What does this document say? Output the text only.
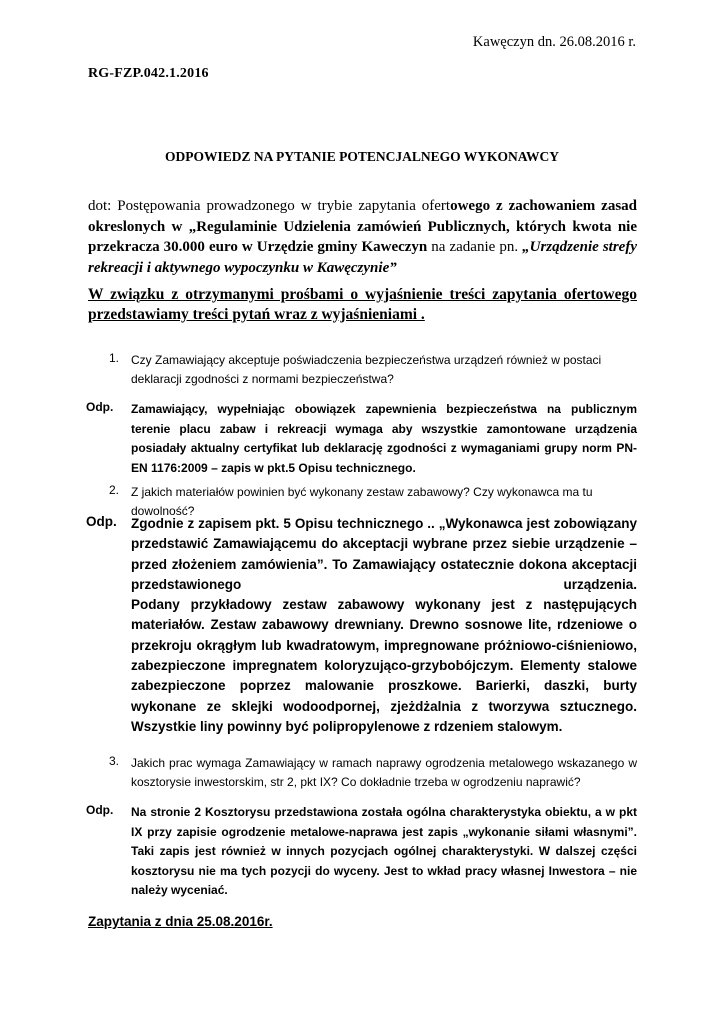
Kawęczyn dn. 26.08.2016 r.
RG-FZP.042.1.2016
ODPOWIEDZ NA PYTANIE POTENCJALNEGO WYKONAWCY
dot: Postępowania prowadzonego w trybie zapytania ofertowego z zachowaniem zasad okreslonych w „Regulaminie Udzielenia zamówień Publicznych, których kwota nie przekracza 30.000 euro w Urzędzie gminy Kaweczyn na zadanie pn. „Urządzenie strefy rekreacji i aktywnego wypoczynku w Kawęczynie”
W związku z otrzymanymi prośbami o wyjaśnienie treści zapytania ofertowego przedstawiamy treści pytań wraz z wyjaśnieniami .
1. Czy Zamawiający akceptuje poświadczenia bezpieczeństwa urządzeń również w postaci deklaracji zgodności z normami bezpieczeństwa?
Odp. Zamawiający, wypełniając obowiązek zapewnienia bezpieczeństwa na publicznym terenie placu zabaw i rekreacji wymaga aby wszystkie zamontowane urządzenia posiadały aktualny certyfikat lub deklarację zgodności z wymaganiami grupy norm PN-EN 1176:2009 – zapis w pkt.5 Opisu technicznego.
2. Z jakich materiałów powinien być wykonany zestaw zabawowy? Czy wykonawca ma tu dowolność?
Odp. Zgodnie z zapisem pkt. 5 Opisu technicznego .. „Wykonawca jest zobowiązany przedstawić Zamawiającemu do akceptacji wybrane przez siebie urządzenie – przed złożeniem zamówienia”. To Zamawiający ostatecznie dokona akceptacji przedstawionego urządzenia.
Podany przykładowy zestaw zabawowy wykonany jest z następujących materiałów. Zestaw zabawowy drewniany. Drewno sosnowe lite, rdzeniowe o przekroju okrągłym lub kwadratowym, impregnowane próżniowo-ciśnieniowo, zabezpieczone impregnatem koloryzująco-grzybobójczym. Elementy stalowe zabezpieczone poprzez malowanie proszkowe. Barierki, daszki, burty wykonane ze sklejki wodoodpornej, zjeżdżalnia z tworzywa sztucznego. Wszystkie liny powinny być polipropylenowe z rdzeniem stalowym.
3. Jakich prac wymaga Zamawiający w ramach naprawy ogrodzenia metalowego wskazanego w kosztorysie inwestorskim, str 2, pkt IX? Co dokładnie trzeba w ogrodzeniu naprawić?
Odp. Na stronie 2 Kosztorysu przedstawiona została ogólna charakterystyka obiektu, a w pkt IX przy zapisie ogrodzenie metalowe-naprawa jest zapis „wykonanie siłami własnymi”. Taki zapis jest również w innych pozycjach ogólnej charakterystyki. W dalszej części kosztorysu nie ma tych pozycji do wyceny. Jest to wkład pracy własnej Inwestora – nie należy wyceniać.
Zapytania z dnia 25.08.2016r.
